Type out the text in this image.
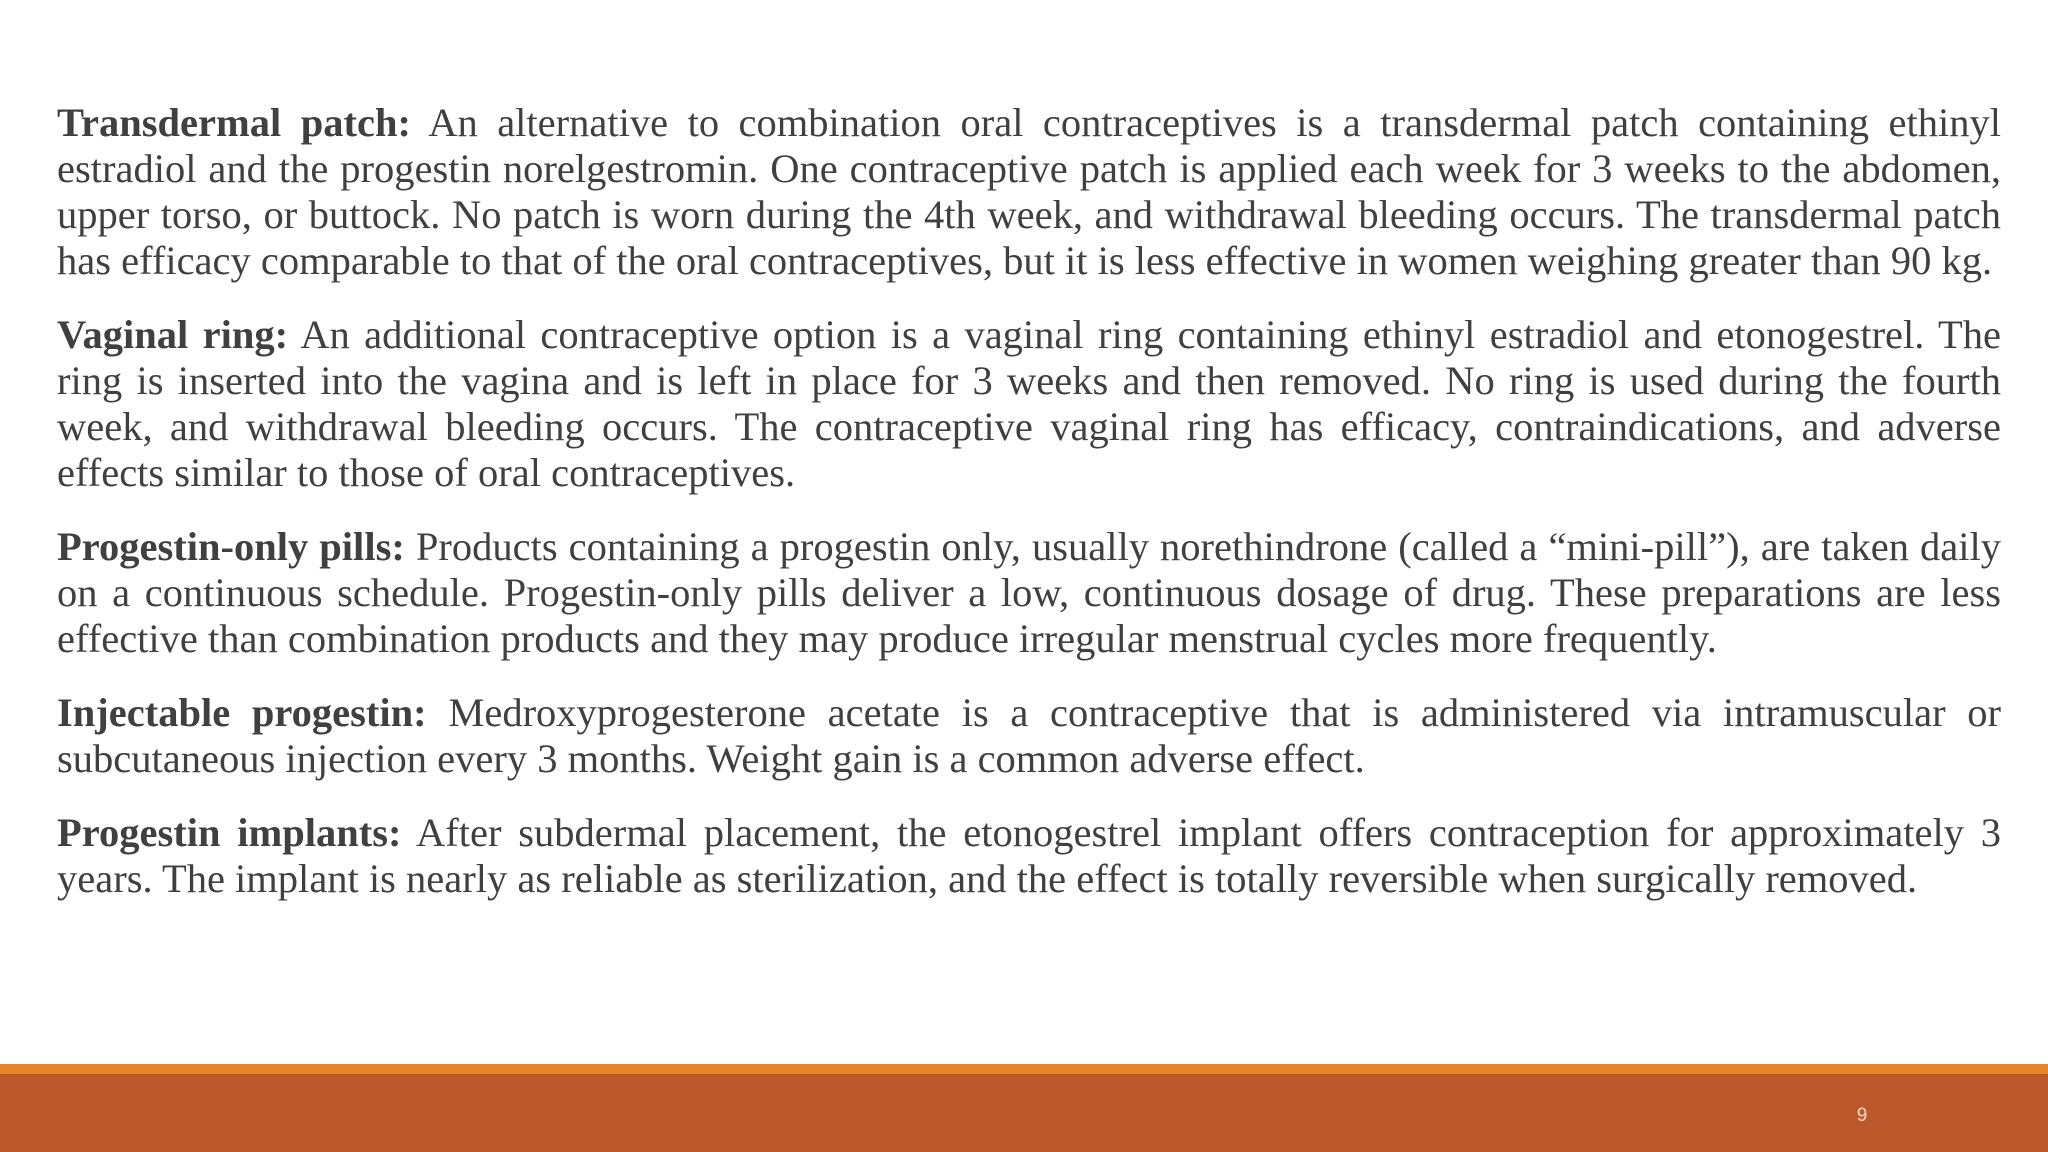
Transdermal patch: An alternative to combination oral contraceptives is a transdermal patch containing ethinyl estradiol and the progestin norelgestromin. One contraceptive patch is applied each week for 3 weeks to the abdomen, upper torso, or buttock. No patch is worn during the 4th week, and withdrawal bleeding occurs. The transdermal patch has efficacy comparable to that of the oral contraceptives, but it is less effective in women weighing greater than 90 kg.

Vaginal ring: An additional contraceptive option is a vaginal ring containing ethinyl estradiol and etonogestrel. The ring is inserted into the vagina and is left in place for 3 weeks and then removed. No ring is used during the fourth week, and withdrawal bleeding occurs. The contraceptive vaginal ring has efficacy, contraindications, and adverse effects similar to those of oral contraceptives.

Progestin-only pills: Products containing a progestin only, usually norethindrone (called a “mini-pill”), are taken daily on a continuous schedule. Progestin-only pills deliver a low, continuous dosage of drug. These preparations are less effective than combination products and they may produce irregular menstrual cycles more frequently.

Injectable progestin: Medroxyprogesterone acetate is a contraceptive that is administered via intramuscular or subcutaneous injection every 3 months. Weight gain is a common adverse effect.

Progestin implants: After subdermal placement, the etonogestrel implant offers contraception for approximately 3 years. The implant is nearly as reliable as sterilization, and the effect is totally reversible when surgically removed.

9
